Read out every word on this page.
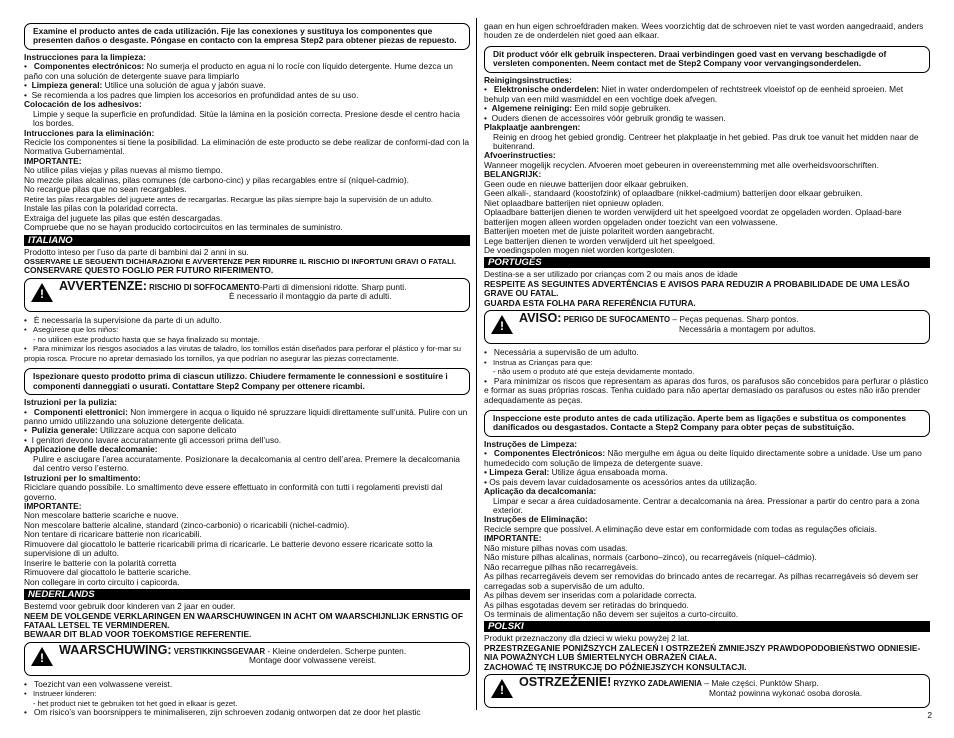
Examine el producto antes de cada utilización. Fije las conexiones y sustituya los componentes que presenten daños o desgaste. Póngase en contacto con la empresa Step2 para obtener piezas de repuesto.

Instrucciones para la limpieza:

•   Componentes electrónicos: No sumerja el producto en agua ni lo rocíe con líquido detergente. Hume dezca un paño con una solución de detergente suave para limpiarlo

•  Limpieza general: Utilice una solución de agua y jabón suave.

•  Se recomienda a los padres que limpien los accesorios en profundidad antes de su uso.

Colocación de los adhesivos:

Limpie y seque la superficie en profundidad. Sitúe la lámina en la posición correcta. Presione desde el centro hacia los bordes.

Intrucciones para la eliminación:

Recicle los componentes si tiene la posibilidad. La eliminación de este producto se debe realizar de conformi-dad con la Normativa Gubernamental.

IMPORTANTE:

No utilice pilas viejas y pilas nuevas al mismo tiempo.

No mezcle pilas alcalinas, pilas comunes (de carbono-cinc) y pilas recargables entre sí (níquel-cadmio).

No recargue pilas que no sean recargables.

Retire las pilas recargables del juguete antes de recargarlas. Recargue las pilas siempre bajo la supervisión de un adulto.

Instale las pilas con la polaridad correcta.

Extraiga del juguete las pilas que estén descargadas.

Compruebe que no se hayan producido cortocircuitos en las terminales de suministro.

ITALIANO

Prodotto inteso per l’uso da parte di bambini dai 2 anni in su.

OSSERVARE LE SEGUENTI DICHIARAZIONI E AVVERTENZE PER RIDURRE IL RISCHIO DI INFORTUNI GRAVI O FATALI.

CONSERVARE QUESTO FOGLIO PER FUTURO RIFERIMENTO.

!
AVVERTENZE: RISCHIO DI SOFFOCAMENTO-Parti di dimensioni ridotte. Sharp punti.
È necessario il montaggio da parte di adulti.

•   È necessaria la supervisione da parte di un adulto.

•   Asegúrese que los niños:

- no utilicen este producto hasta que se haya finalizado su montaje.

•   Para minimizar los riesgos asociados a las virutas de taladro, los tornillos están diseñados para perforar el plástico y for-mar su propia rosca. Procure no apretar demasiado los tornillos, ya que podrían no asegurar las piezas correctamente.

Ispezionare questo prodotto prima di ciascun utilizzo. Chiudere fermamente le connessioni e sostituire i componenti danneggiati o usurati. Contattare Step2 Company per ottenere ricambi.

Istruzioni per la pulizia:

•   Componenti elettronici: Non immergere in acqua o liquido né spruzzare liquidi direttamente sull’unità. Pulire con un panno umido utilizzando una soluzione detergente delicata.

•  Pulizia generale: Utilizzare acqua con sapone delicato

•  I genitori devono lavare accuratamente gli accessori prima dell’uso.

Applicazione delle decalcomanie:

Pulire e asciugare l’area accuratamente. Posizionare la decalcomania al centro dell’area. Premere la decalcomania dal centro verso l’esterno.

Istruzioni per lo smaltimento:

Riciclare quando possibile. Lo smaltimento deve essere effettuato in conformità con tutti i regolamenti previsti dal governo.

IMPORTANTE:

Non mescolare batterie scariche e nuove.

Non mescolare batterie alcaline, standard (zinco-carbonio) o ricaricabili (nichel-cadmio).

Non tentare di ricaricare batterie non ricaricabili.

Rimuovere dal giocattolo le batterie ricaricabili prima di ricaricarle. Le batterie devono essere ricaricate sotto la supervisione di un adulto.

Inserire le batterie con la polarità corretta

Rimuovere dal giocattolo le batterie scariche.

Non collegare in corto circuito i capicorda.

NEDERLANDS

Bestemd voor gebruik door kinderen van 2 jaar en ouder.

NEEM DE VOLGENDE VERKLARINGEN EN WAARSCHUWINGEN IN ACHT OM WAARSCHIJNLIJK ERNSTIG OF FATAAL LETSEL TE VERMINDEREN.

BEWAAR DIT BLAD VOOR TOEKOMSTIGE REFERENTIE.

!
WAARSCHUWING: VERSTIKKINGSGEVAAR - Kleine onderdelen. Scherpe punten.
Montage door volwassene vereist.

•   Toezicht van een volwassene vereist.

•   Instrueer kinderen:

- het product niet te gebruiken tot het goed in elkaar is gezet.

•   Om risico’s van boorsnippers te minimaliseren, zijn schroeven zodanig ontworpen dat ze door het plastic

gaan en hun eigen schroefdraden maken. Wees voorzichtig dat de schroeven niet te vast worden aangedraaid, anders houden ze de onderdelen niet goed aan elkaar.

Dit product vóór elk gebruik inspecteren. Draai verbindingen goed vast en vervang beschadigde of versleten componenten. Neem contact met de Step2 Company voor vervangingsonderdelen.

Reinigingsinstructies:

•   Elektronische onderdelen: Niet in water onderdompelen of rechtstreek vloeistof op de eenheid sproeien. Met behulp van een mild wasmiddel en een vochtige doek afvegen.

•  Algemene reiniging: Een mild sopje gebruiken.

•  Ouders dienen de accessoires vóór gebruik grondig te wassen.

Plakplaatje aanbrengen:

Reinig en droog het gebied grondig. Centreer het plakplaatje in het gebied. Pas druk toe vanuit het midden naar de buitenrand.

Afvoerinstructies:

Wanneer mogelijk recyclen. Afvoeren moet gebeuren in overeenstemming met alle overheidsvoorschriften.

BELANGRIJK:

Geen oude en nieuwe batterijen door elkaar gebruiken.

Geen alkali-, standaard (koostofzink) of oplaadbare (nikkel-cadmium) batterijen door elkaar gebruiken.

Niet oplaadbare batterijen niet opnieuw opladen.

Oplaadbare batterijen dienen te worden verwijderd uit het speelgoed voordat ze opgeladen worden. Oplaad-bare batterijen mogen alleen worden opgeladen onder toezicht van een volwassene.

Batterijen moeten met de juiste polariteit worden aangebracht.

Lege batterijen dienen te worden verwijderd uit het speelgoed.

De voedingspolen mogen niet worden kortgesloten.

PORTUGÊS

Destina-se a ser utilizado por crianças com 2 ou mais anos de idade

RESPEITE AS SEGUINTES ADVERTÊNCIAS E AVISOS PARA REDUZIR A PROBABILIDADE DE UMA LESÃO GRAVE OU FATAL.

GUARDA ESTA FOLHA PARA REFERÊNCIA FUTURA.

!
AVISO: PERIGO DE SUFOCAMENTO – Peças pequenas. Sharp pontos.
Necessária a montagem por adultos.

•   Necessária a supervisão de um adulto.

•   Instrua as Crianças para que:

- não usem o produto até que esteja devidamente montado.

•   Para minimizar os riscos que representam as aparas dos furos, os parafusos são concebidos para perfurar o plástico e formar as suas próprias roscas. Tenha cuidado para não apertar demasiado os parafusos ou estes não irão prender adequadamente as peças.

Inspeccione este produto antes de cada utilização. Aperte bem as ligações e substitua os componentes danificados ou desgastados. Contacte a Step2 Company para obter peças de substituição.

Instruções de Limpeza:

•   Componentes Electrónicos: Não mergulhe em água ou deite líquido directamente sobre a unidade. Use um pano humedecido com solução de limpeza de detergente suave.

• Limpeza Geral: Utilize água ensaboada morna.

• Os pais devem lavar cuidadosamente os acessórios antes da utilização.

Aplicação da decalcomania:

Limpar e secar a área cuidadosamente. Centrar a decalcomania na área. Pressionar a partir do centro para a zona exterior.

Instruções de Eliminação:

Recicle sempre que possível. A eliminação deve estar em conformidade com todas as regulações oficiais.

IMPORTANTE:

Não misture pilhas novas com usadas.

Não misture pilhas alcalinas, normais (carbono–zinco), ou recarregáveis (níquel–cádmio).

Não recarregue pilhas não recarregáveis.

As pilhas recarregáveis devem ser removidas do brincado antes de recarregar. As pilhas recarregáveis só devem ser carregadas sob a supervisão de um adulto.

As pilhas devem ser inseridas com a polaridade correcta.

As pilhas esgotadas devem ser retiradas do brinquedo.

Os terminais de alimentação não devem ser sujeitos a curto-circuito.

POLSKI

Produkt przeznaczony dla dzieci w wieku powyżej 2 lat.

PRZESTRZEGANIE PONIŻSZYCH ZALECEŃ I OSTRZEŻEŃ ZMNIEJSZY PRAWDOPODOBIEŃSTWO ODNIESIE-NIA POWAŻNYCH LUB ŚMIERTELNYCH OBRAŻEŃ CIAŁA.

ZACHOWAĆ TĘ INSTRUKCJĘ DO PÓŹNIEJSZYCH KONSULTACJI.

!
OSTRZEŻENIE! RYZYKO ZADŁAWIENIA – Małe części. Punktów Sharp.
Montaż powinna wykonać osoba dorosła.
2
